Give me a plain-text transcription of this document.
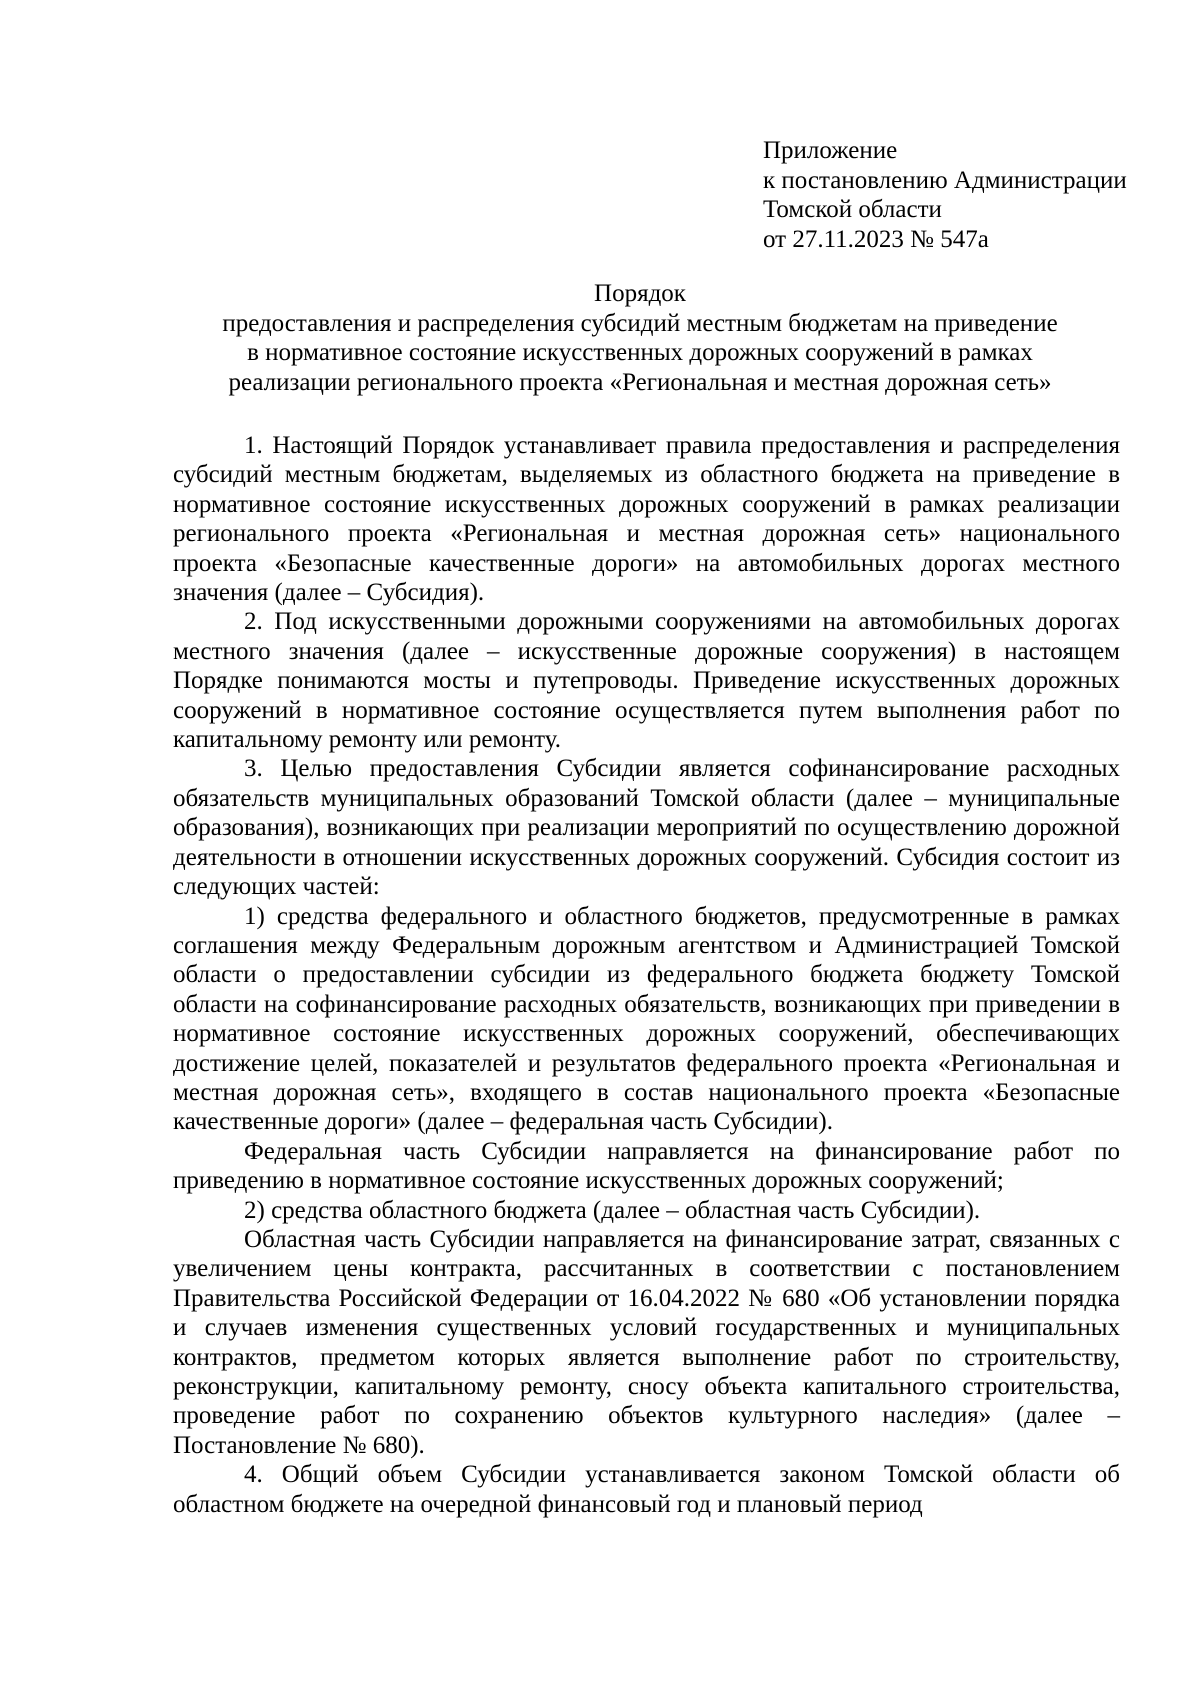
Приложение
к постановлению Администрации
Томской области
от 27.11.2023 № 547а
Порядок
предоставления и распределения субсидий местным бюджетам на приведение
в нормативное состояние искусственных дорожных сооружений в рамках
реализации регионального проекта «Региональная и местная дорожная сеть»

1. Настоящий Порядок устанавливает правила предоставления и распределения субсидий местным бюджетам, выделяемых из областного бюджета на приведение в нормативное состояние искусственных дорожных сооружений в рамках реализации регионального проекта «Региональная и местная дорожная сеть» национального проекта «Безопасные качественные дороги» на автомобильных дорогах местного значения (далее – Субсидия).

2. Под искусственными дорожными сооружениями на автомобильных дорогах местного значения (далее – искусственные дорожные сооружения) в настоящем Порядке понимаются мосты и путепроводы. Приведение искусственных дорожных сооружений в нормативное состояние осуществляется путем выполнения работ по капитальному ремонту или ремонту.

3. Целью предоставления Субсидии является софинансирование расходных обязательств муниципальных образований Томской области (далее – муниципальные образования), возникающих при реализации мероприятий по осуществлению дорожной деятельности в отношении искусственных дорожных сооружений. Субсидия состоит из следующих частей:

1) средства федерального и областного бюджетов, предусмотренные в рамках соглашения между Федеральным дорожным агентством и Администрацией Томской области о предоставлении субсидии из федерального бюджета бюджету Томской области на софинансирование расходных обязательств, возникающих при приведении в нормативное состояние искусственных дорожных сооружений, обеспечивающих достижение целей, показателей и результатов федерального проекта «Региональная и местная дорожная сеть», входящего в состав национального проекта «Безопасные качественные дороги» (далее – федеральная часть Субсидии).

Федеральная часть Субсидии направляется на финансирование работ по приведению в нормативное состояние искусственных дорожных сооружений;

2) средства областного бюджета (далее – областная часть Субсидии).

Областная часть Субсидии направляется на финансирование затрат, связанных с увеличением цены контракта, рассчитанных в соответствии с постановлением Правительства Российской Федерации от 16.04.2022 № 680 «Об установлении порядка и случаев изменения существенных условий государственных и муниципальных контрактов, предметом которых является выполнение работ по строительству, реконструкции, капитальному ремонту, сносу объекта капитального строительства, проведение работ по сохранению объектов культурного наследия» (далее – Постановление № 680).

4. Общий объем Субсидии устанавливается законом Томской области об областном бюджете на очередной финансовый год и плановый период
